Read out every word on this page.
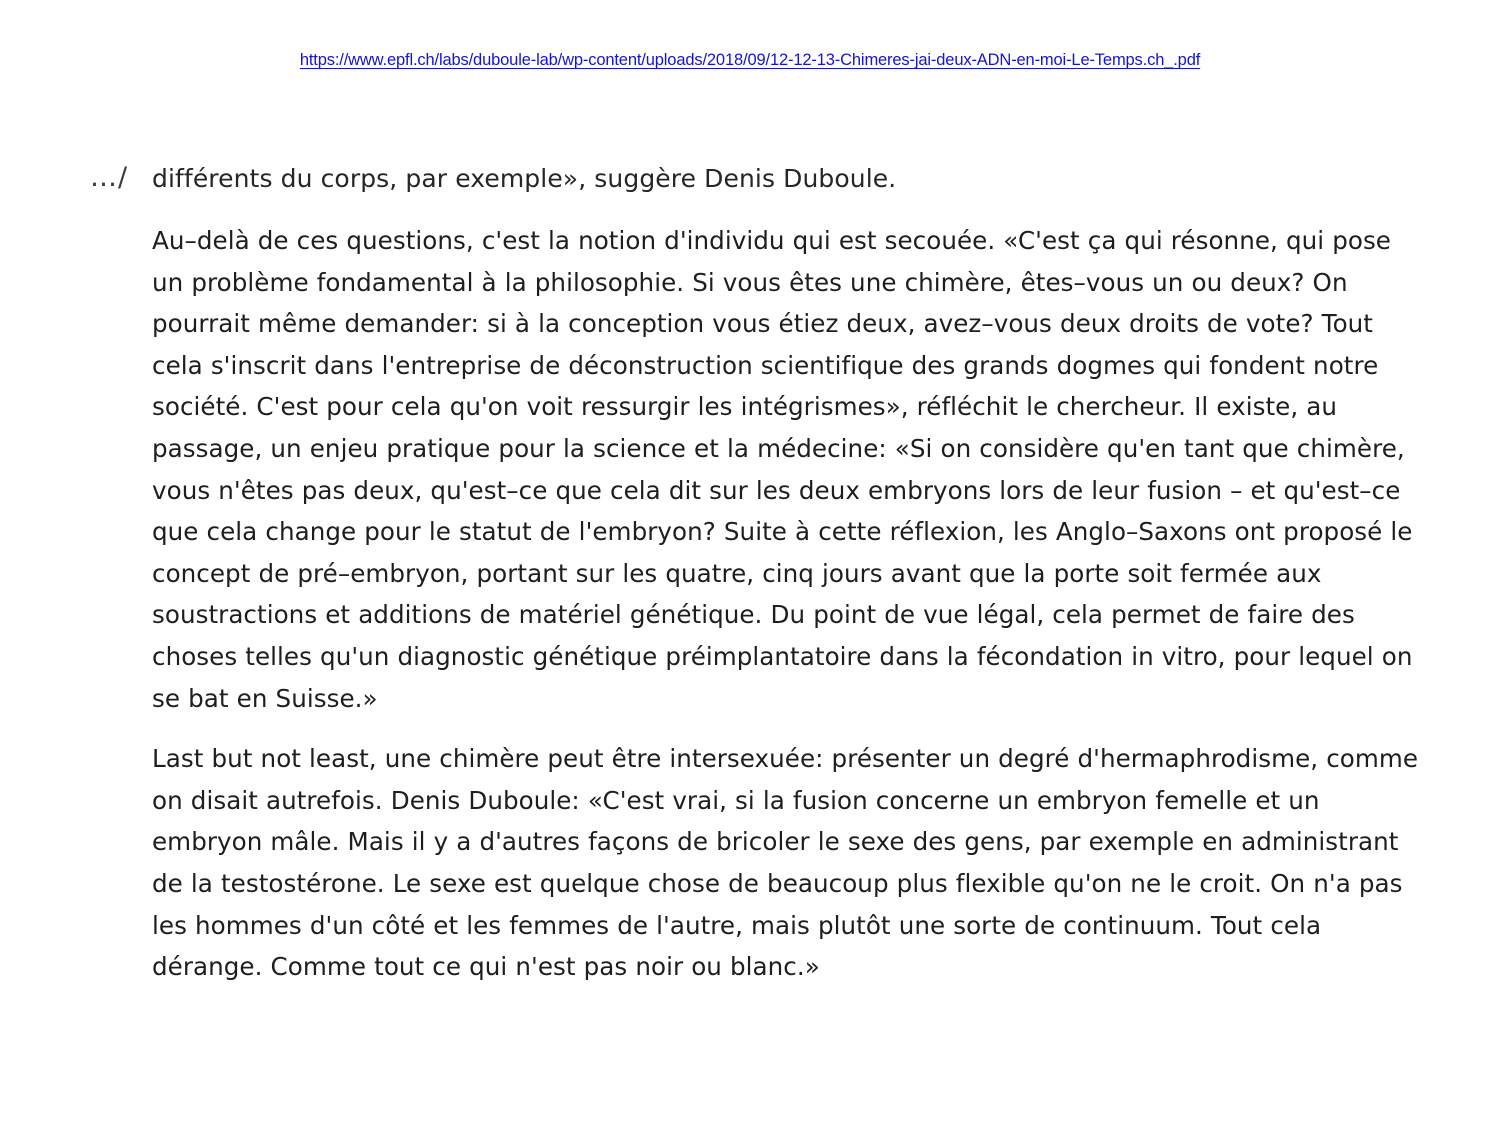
https://www.epfl.ch/labs/duboule-lab/wp-content/uploads/2018/09/12-12-13-Chimeres-jai-deux-ADN-en-moi-Le-Temps.ch_.pdf
…/ différents du corps, par exemple», suggère Denis Duboule.

Au–delà de ces questions, c'est la notion d'individu qui est secouée. «C'est ça qui résonne, qui pose
un problème fondamental à la philosophie. Si vous êtes une chimère, êtes–vous un ou deux? On
pourrait même demander: si à la conception vous étiez deux, avez–vous deux droits de vote? Tout
cela s'inscrit dans l'entreprise de déconstruction scientifique des grands dogmes qui fondent notre
société. C'est pour cela qu'on voit ressurgir les intégrismes», réfléchit le chercheur. Il existe, au
passage, un enjeu pratique pour la science et la médecine: «Si on considère qu'en tant que chimère,
vous n'êtes pas deux, qu'est–ce que cela dit sur les deux embryons lors de leur fusion – et qu'est–ce
que cela change pour le statut de l'embryon? Suite à cette réflexion, les Anglo–Saxons ont proposé le
concept de pré–embryon, portant sur les quatre, cinq jours avant que la porte soit fermée aux
soustractions et additions de matériel génétique. Du point de vue légal, cela permet de faire des
choses telles qu'un diagnostic génétique préimplantatoire dans la fécondation in vitro, pour lequel on
se bat en Suisse.»

Last but not least, une chimère peut être intersexuée: présenter un degré d'hermaphrodisme, comme
on disait autrefois. Denis Duboule: «C'est vrai, si la fusion concerne un embryon femelle et un
embryon mâle. Mais il y a d'autres façons de bricoler le sexe des gens, par exemple en administrant
de la testostérone. Le sexe est quelque chose de beaucoup plus flexible qu'on ne le croit. On n'a pas
les hommes d'un côté et les femmes de l'autre, mais plutôt une sorte de continuum. Tout cela
dérange. Comme tout ce qui n'est pas noir ou blanc.»
